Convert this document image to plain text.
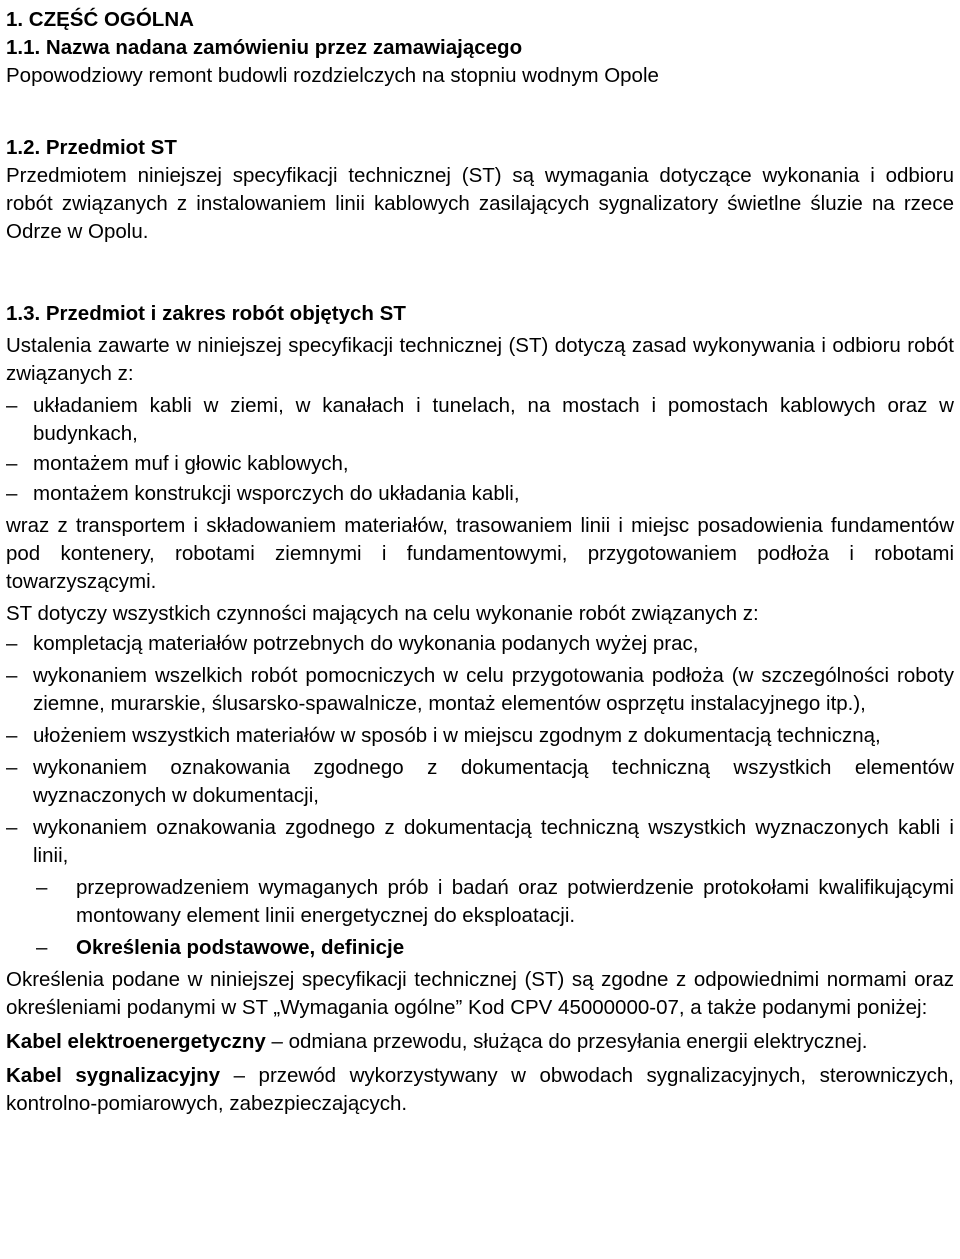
1. CZĘŚĆ OGÓLNA
1.1. Nazwa nadana zamówieniu przez zamawiającego

Popowodziowy remont budowli rozdzielczych na stopniu wodnym Opole

1.2. Przedmiot ST

Przedmiotem niniejszej specyfikacji technicznej (ST) są wymagania dotyczące wykonania i odbioru robót związanych z instalowaniem linii kablowych zasilających sygnalizatory świetlne śluzie na rzece Odrze w Opolu.

1.3. Przedmiot i zakres robót objętych ST

Ustalenia zawarte w niniejszej specyfikacji technicznej (ST) dotyczą zasad wykonywania i odbioru robót związanych z:

– układaniem kabli w ziemi, w kanałach i tunelach, na mostach i pomostach kablowych oraz w budynkach,
– montażem muf i głowic kablowych,
– montażem konstrukcji wsporczych do układania kabli,

wraz z transportem i składowaniem materiałów, trasowaniem linii i miejsc posadowienia fundamentów pod kontenery, robotami ziemnymi i fundamentowymi, przygotowaniem podłoża i robotami towarzyszącymi.

ST dotyczy wszystkich czynności mających na celu wykonanie robót związanych z:

– kompletacją materiałów potrzebnych do wykonania podanych wyżej prac,
– wykonaniem wszelkich robót pomocniczych w celu przygotowania podłoża (w szczególności roboty ziemne, murarskie, ślusarsko-spawalnicze, montaż elementów osprzętu instalacyjnego itp.),
– ułożeniem wszystkich materiałów w sposób i w miejscu zgodnym z dokumentacją techniczną,
– wykonaniem oznakowania zgodnego z dokumentacją techniczną wszystkich elementów wyznaczonych w dokumentacji,
– wykonaniem oznakowania zgodnego z dokumentacją techniczną wszystkich wyznaczonych kabli i linii,
–	przeprowadzeniem wymaganych prób i badań oraz potwierdzenie protokołami kwalifikującymi montowany element linii energetycznej do eksploatacji.
–	Określenia podstawowe, definicje

Określenia podane w niniejszej specyfikacji technicznej (ST) są zgodne z odpowiednimi normami oraz określeniami podanymi w ST „Wymagania ogólne” Kod CPV 45000000-07, a także podanymi poniżej:

Kabel elektroenergetyczny – odmiana przewodu, służąca do przesyłania energii elektrycznej.

Kabel sygnalizacyjny – przewód wykorzystywany w obwodach sygnalizacyjnych, sterowniczych, kontrolno-pomiarowych, zabezpieczających.
